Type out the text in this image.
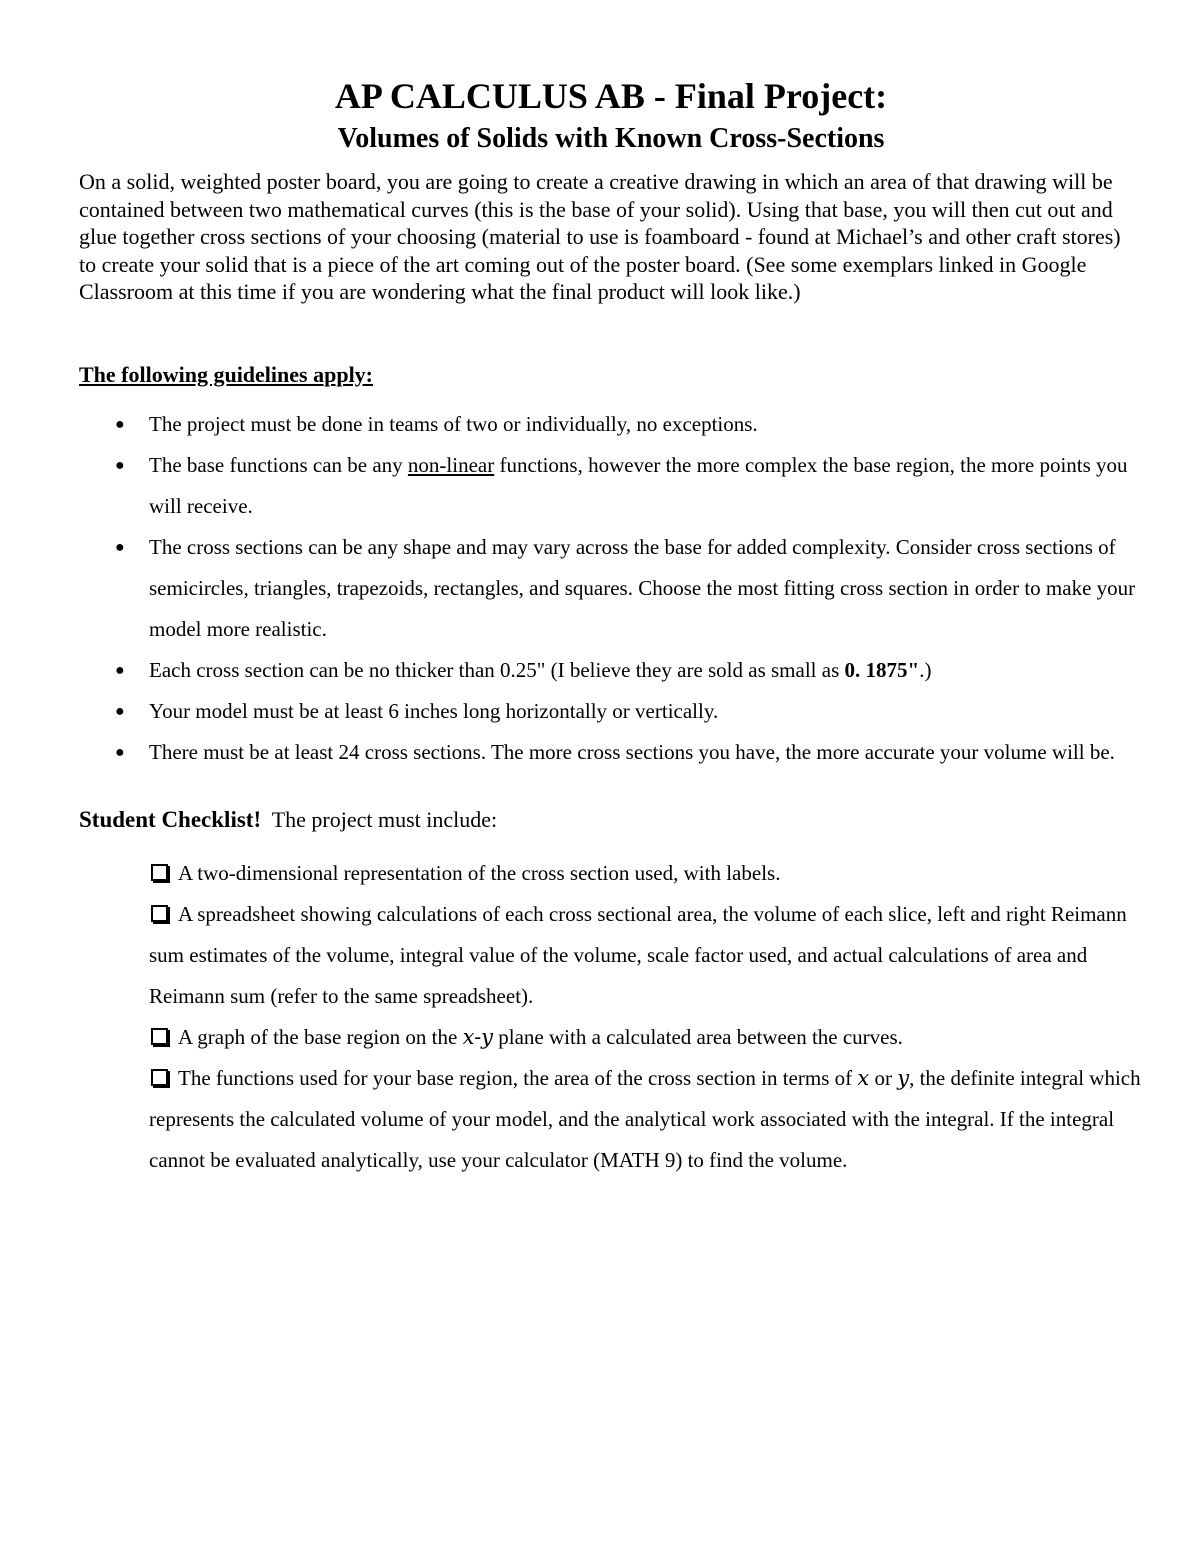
AP CALCULUS AB - Final Project:
Volumes of Solids with Known Cross-Sections

On a solid, weighted poster board, you are going to create a creative drawing in which an area of that drawing will be contained between two mathematical curves (this is the base of your solid). Using that base, you will then cut out and glue together cross sections of your choosing (material to use is foamboard - found at Michael’s and other craft stores) to create your solid that is a piece of the art coming out of the poster board. (See some exemplars linked in Google Classroom at this time if you are wondering what the final product will look like.)

The following guidelines apply:

● The project must be done in teams of two or individually, no exceptions.
● The base functions can be any non-linear functions, however the more complex the base region, the more points you will receive.
● The cross sections can be any shape and may vary across the base for added complexity. Consider cross sections of semicircles, triangles, trapezoids, rectangles, and squares. Choose the most fitting cross section in order to make your model more realistic.
● Each cross section can be no thicker than 0.25" (I believe they are sold as small as 0. 1875".)
● Your model must be at least 6 inches long horizontally or vertically.
● There must be at least 24 cross sections. The more cross sections you have, the more accurate your volume will be.

Student Checklist!  The project must include:

A two-dimensional representation of the cross section used, with labels.
A spreadsheet showing calculations of each cross sectional area, the volume of each slice, left and right Reimann sum estimates of the volume, integral value of the volume, scale factor used, and actual calculations of area and Reimann sum (refer to the same spreadsheet).
A graph of the base region on the x-y plane with a calculated area between the curves.
The functions used for your base region, the area of the cross section in terms of x or y, the definite integral which represents the calculated volume of your model, and the analytical work associated with the integral. If the integral cannot be evaluated analytically, use your calculator (MATH 9) to find the volume.
